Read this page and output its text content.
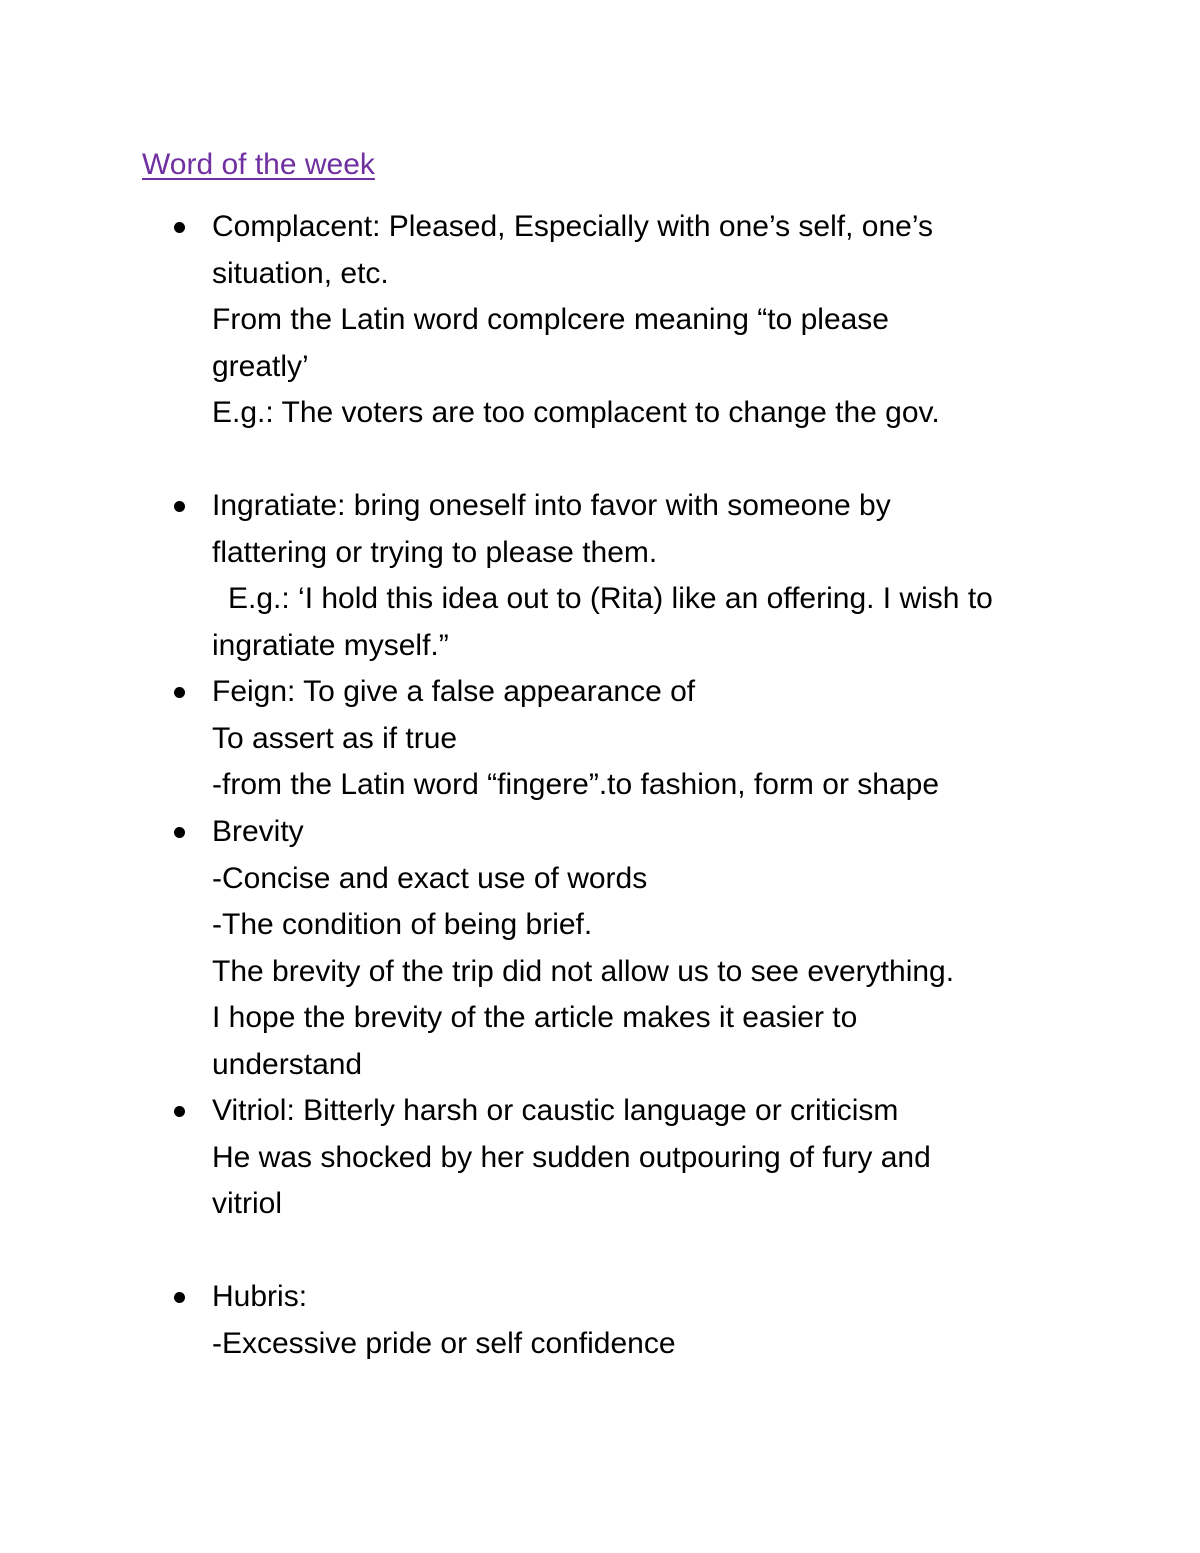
Word of the week
Complacent: Pleased, Especially with one’s self, one’s
situation, etc.
From the Latin word complcere meaning “to please
greatly’
E.g.: The voters are too complacent to change the gov.
Ingratiate: bring oneself into favor with someone by
flattering or trying to please them.
E.g.: ‘I hold this idea out to (Rita) like an offering. I wish to
ingratiate myself.”
Feign: To give a false appearance of
To assert as if true
-from the Latin word “fingere”.to fashion, form or shape
Brevity
-Concise and exact use of words
-The condition of being brief.
The brevity of the trip did not allow us to see everything.
I hope the brevity of the article makes it easier to
understand
Vitriol: Bitterly harsh or caustic language or criticism
He was shocked by her sudden outpouring of fury and
vitriol
Hubris:
-Excessive pride or self confidence
